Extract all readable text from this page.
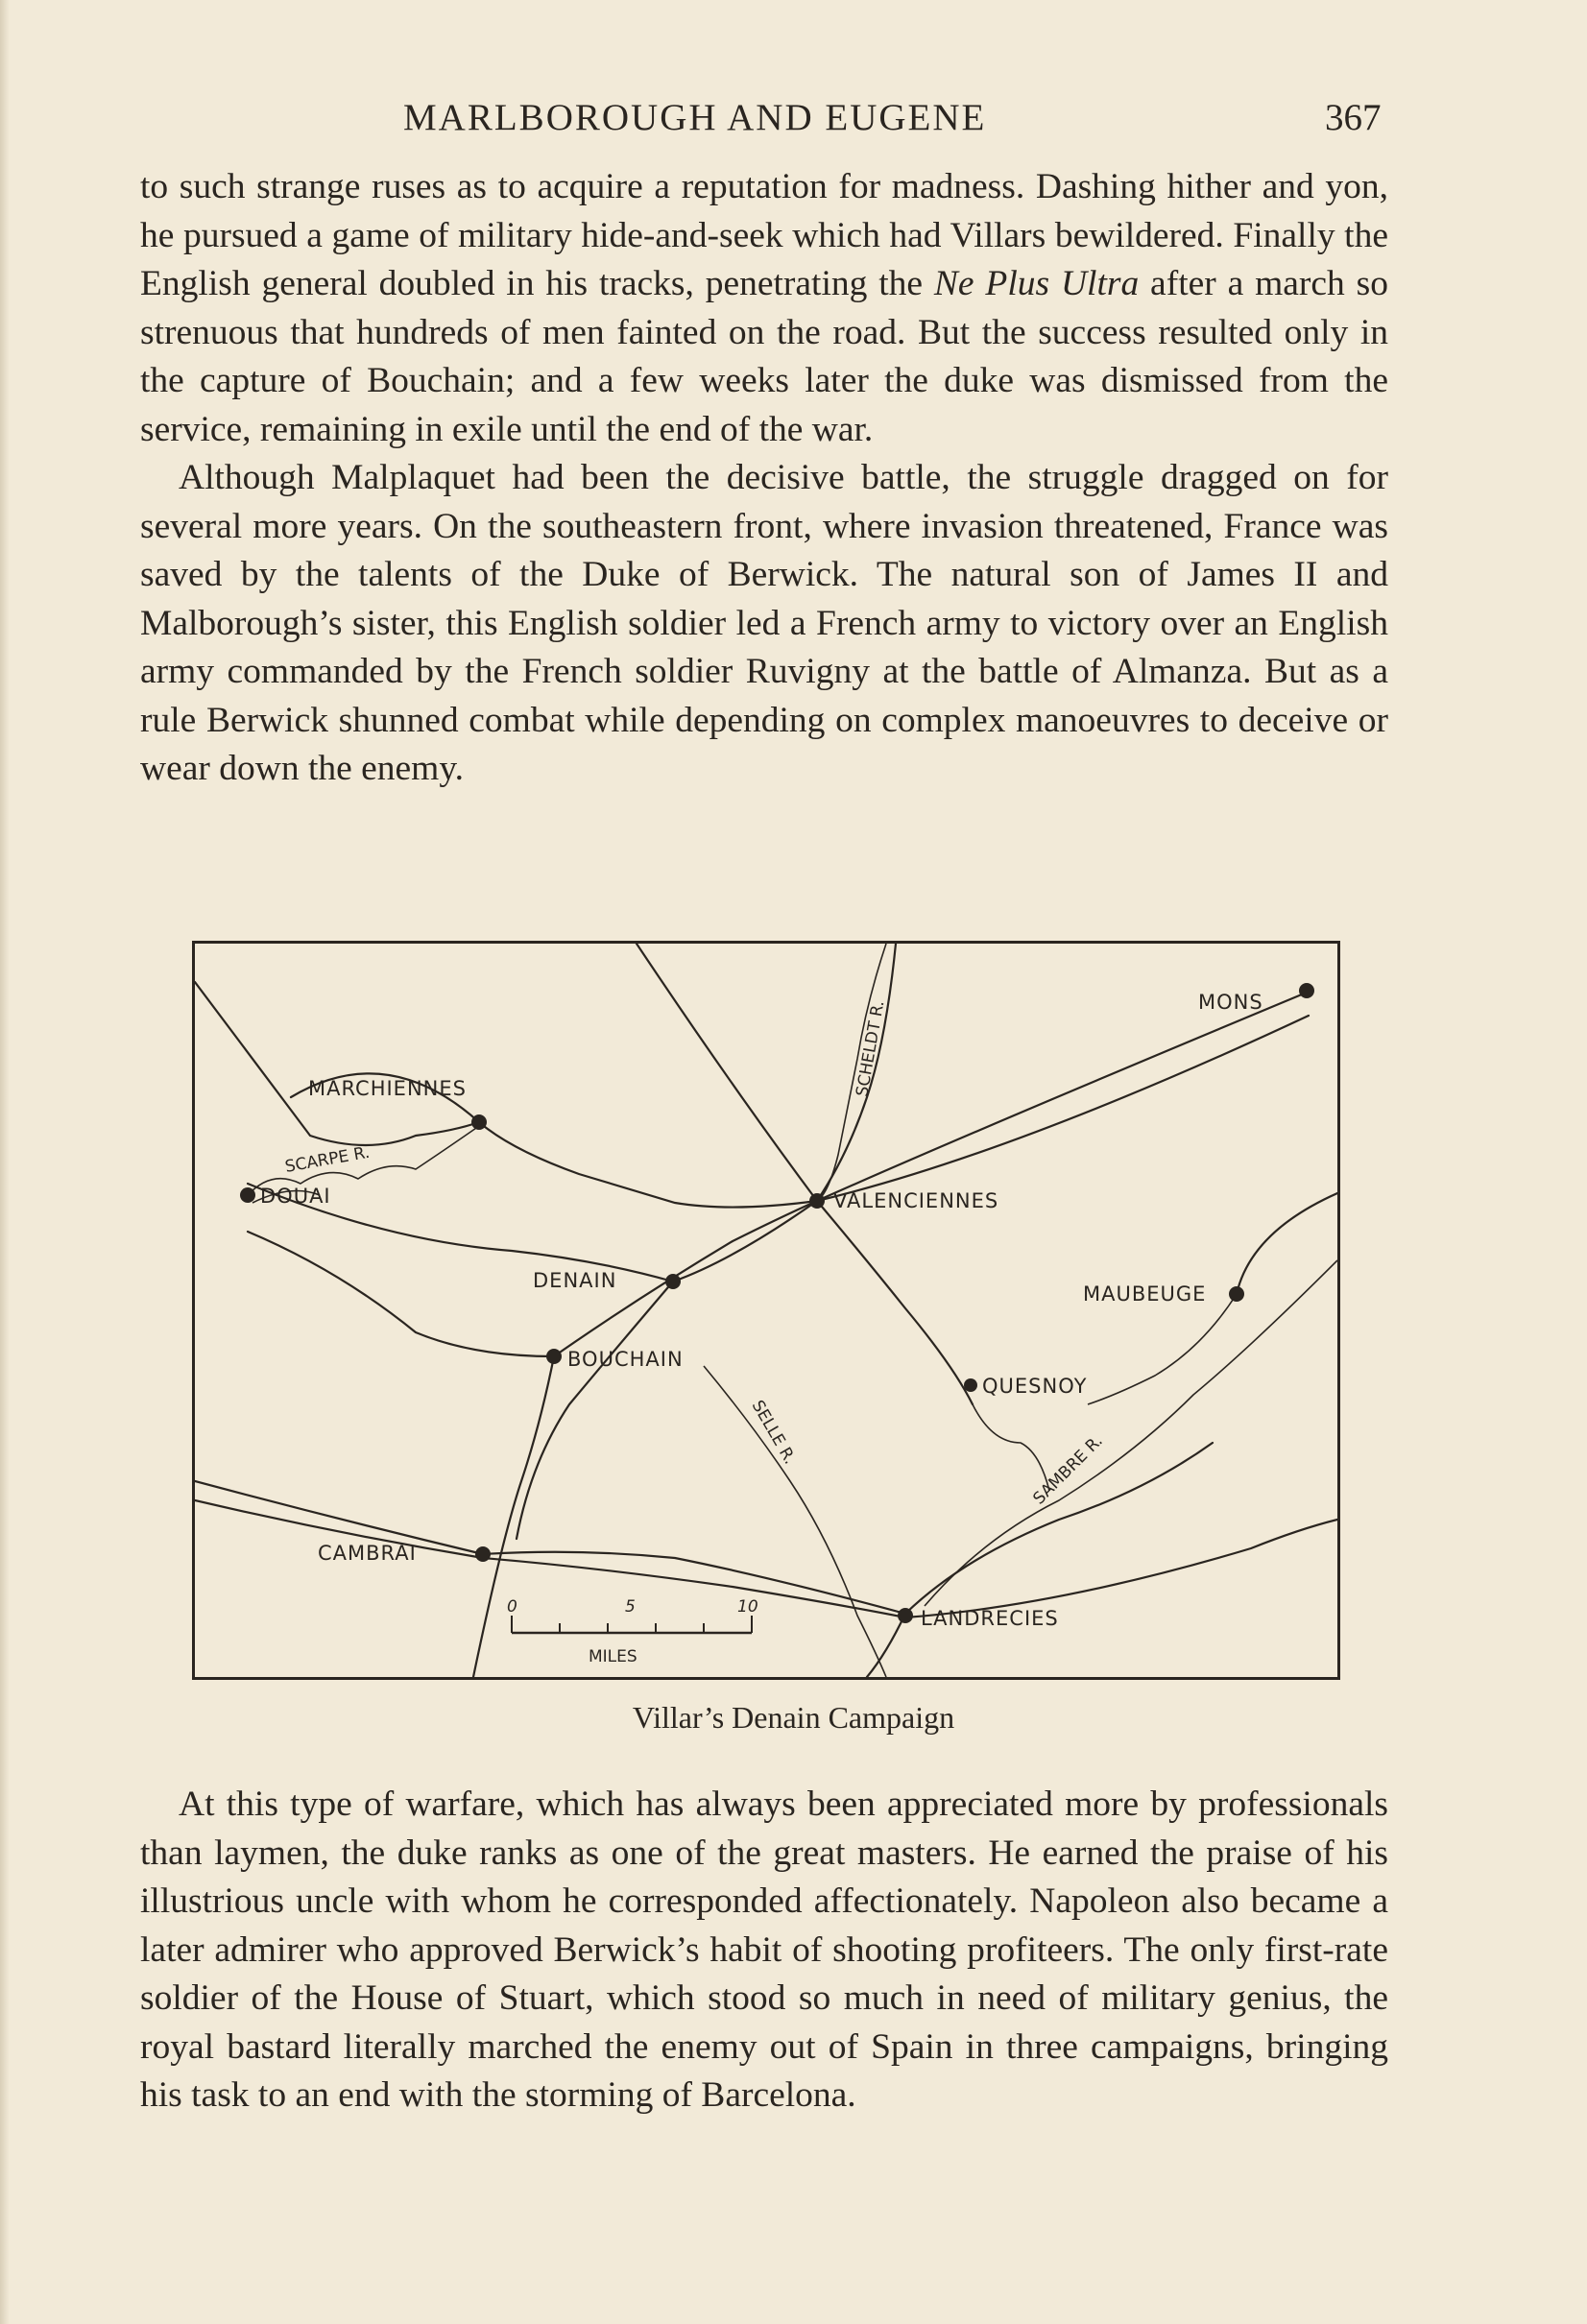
MARLBOROUGH AND EUGENE	367

to such strange ruses as to acquire a reputation for madness. Dashing hither and yon, he pursued a game of military hide-and-seek which had Villars bewildered. Finally the English general doubled in his tracks, penetrating the Ne Plus Ultra after a march so strenuous that hundreds of men fainted on the road. But the success resulted only in the capture of Bouchain; and a few weeks later the duke was dismissed from the service, remaining in exile until the end of the war.

Although Malplaquet had been the decisive battle, the struggle dragged on for several more years. On the southeastern front, where invasion threatened, France was saved by the talents of the Duke of Berwick. The natural son of James II and Malborough’s sister, this English soldier led a French army to victory over an English army commanded by the French soldier Ruvigny at the battle of Almanza. But as a rule Berwick shunned combat while depending on complex manoeuvres to deceive or wear down the enemy.

MONS
MARCHIENNES
DOUAI	VALENCIENNES
DENAIN
MAUBEUGE
BOUCHAIN
QUESNOY
CAMBRAI
LANDRECIES
SCARPE R.
SCHELDT R.
SELLE R.	SAMBRE R.
0	5	10
MILES
Villar’s Denain Campaign

At this type of warfare, which has always been appreciated more by professionals than laymen, the duke ranks as one of the great masters. He earned the praise of his illustrious uncle with whom he corresponded affectionately. Napoleon also became a later admirer who approved Berwick’s habit of shooting profiteers. The only first-rate soldier of the House of Stuart, which stood so much in need of military genius, the royal bastard literally marched the enemy out of Spain in three campaigns, bringing his task to an end with the storming of Barcelona.
